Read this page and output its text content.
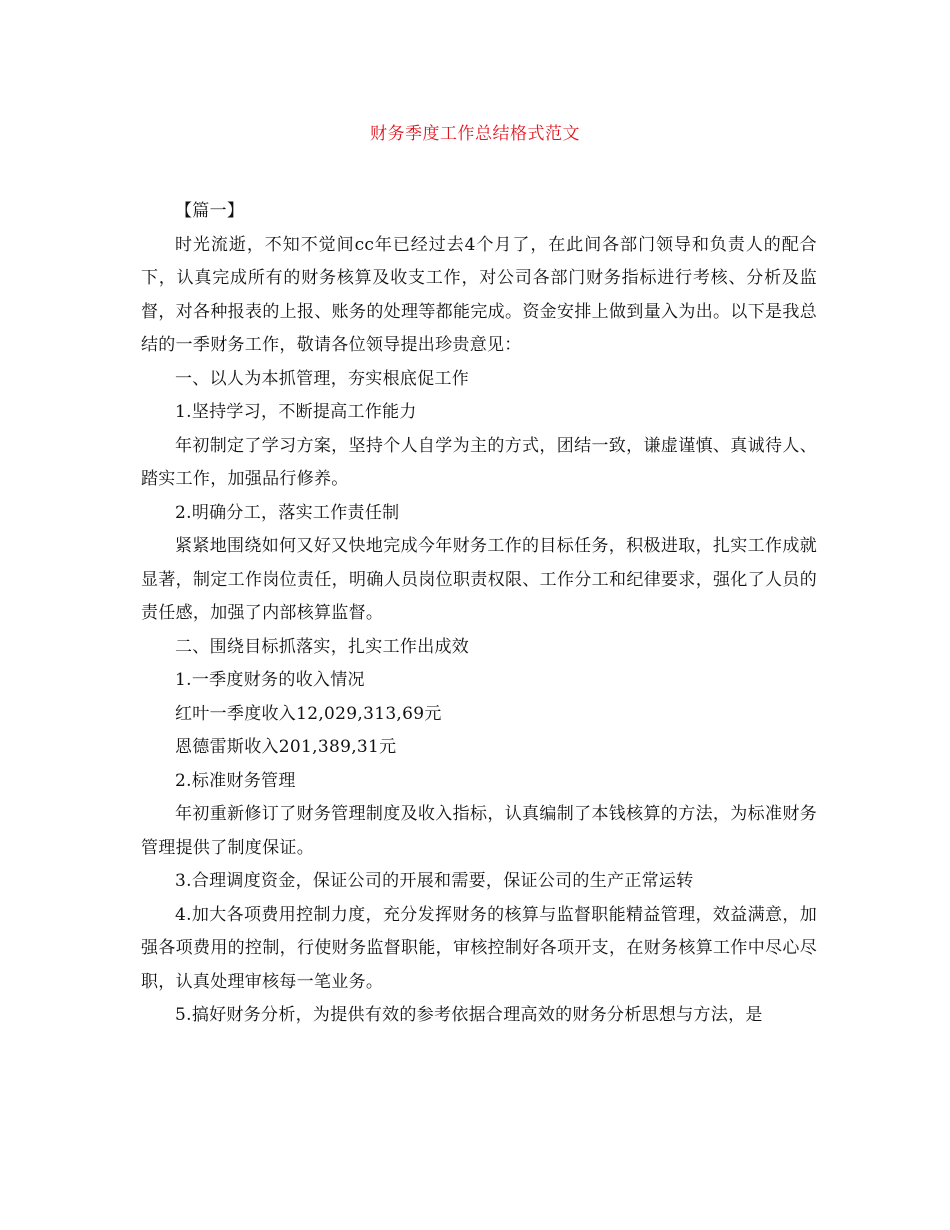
财务季度工作总结格式范文

【篇一】

时光流逝，不知不觉间cc年已经过去4个月了，在此间各部门领导和负责人的配合下，认真完成所有的财务核算及收支工作，对公司各部门财务指标进行考核、分析及监督，对各种报表的上报、账务的处理等都能完成。资金安排上做到量入为出。以下是我总结的一季财务工作，敬请各位领导提出珍贵意见：

一、以人为本抓管理，夯实根底促工作

1.坚持学习，不断提高工作能力

年初制定了学习方案，坚持个人自学为主的方式，团结一致，谦虚谨慎、真诚待人、踏实工作，加强品行修养。

2.明确分工，落实工作责任制

紧紧地围绕如何又好又快地完成今年财务工作的目标任务，积极进取，扎实工作成就显著，制定工作岗位责任，明确人员岗位职责权限、工作分工和纪律要求，强化了人员的责任感，加强了内部核算监督。

二、围绕目标抓落实，扎实工作出成效

1.一季度财务的收入情况

红叶一季度收入12,029,313,69元

恩德雷斯收入201,389,31元

2.标准财务管理

年初重新修订了财务管理制度及收入指标，认真编制了本钱核算的方法，为标准财务管理提供了制度保证。

3.合理调度资金，保证公司的开展和需要，保证公司的生产正常运转

4.加大各项费用控制力度，充分发挥财务的核算与监督职能精益管理，效益满意，加强各项费用的控制，行使财务监督职能，审核控制好各项开支，在财务核算工作中尽心尽职，认真处理审核每一笔业务。

5.搞好财务分析，为提供有效的参考依据合理高效的财务分析思想与方法，是
